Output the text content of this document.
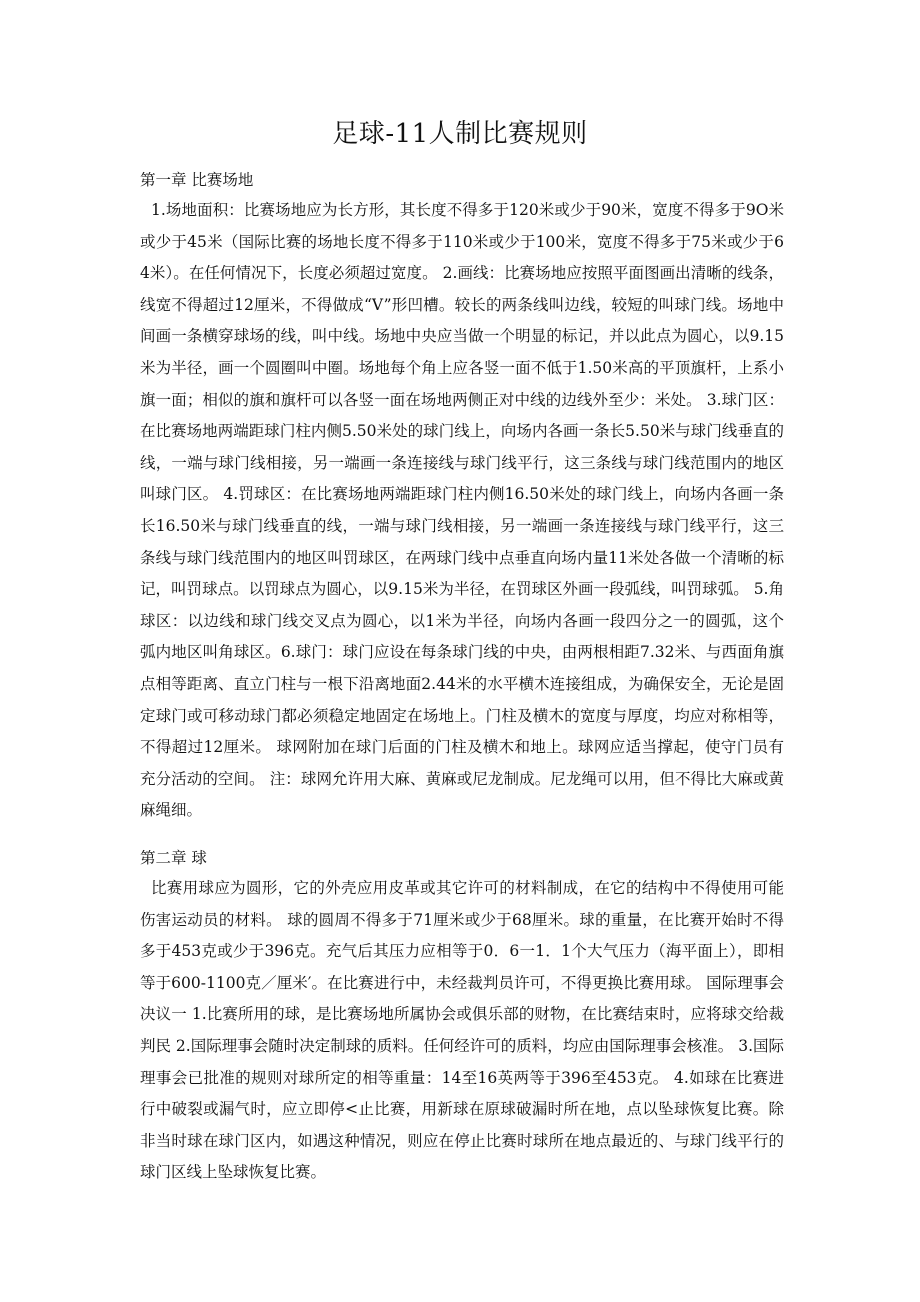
足球-11人制比赛规则
第一章 比赛场地
1.场地面积：比赛场地应为长方形，其长度不得多于120米或少于90米，宽度不得多于9O米或少于45米（国际比赛的场地长度不得多于110米或少于100米，宽度不得多于75米或少于64米）。在任何情况下，长度必须超过宽度。 2.画线：比赛场地应按照平面图画出清晰的线条，线宽不得超过12厘米，不得做成“V”形凹槽。较长的两条线叫边线，较短的叫球门线。场地中间画一条横穿球场的线，叫中线。场地中央应当做一个明显的标记，并以此点为圆心，以9.15米为半径，画一个圆圈叫中圈。场地每个角上应各竖一面不低于1.50米高的平顶旗杆，上系小旗一面；相似的旗和旗杆可以各竖一面在场地两侧正对中线的边线外至少：米处。 3.球门区：在比赛场地两端距球门柱内侧5.50米处的球门线上，向场内各画一条长5.50米与球门线垂直的线，一端与球门线相接，另一端画一条连接线与球门线平行，这三条线与球门线范围内的地区叫球门区。 4.罚球区：在比赛场地两端距球门柱内侧16.50米处的球门线上，向场内各画一条长16.50米与球门线垂直的线，一端与球门线相接，另一端画一条连接线与球门线平行，这三条线与球门线范围内的地区叫罚球区，在两球门线中点垂直向场内量11米处各做一个清晰的标记，叫罚球点。以罚球点为圆心，以9.15米为半径，在罚球区外画一段弧线，叫罚球弧。 5.角球区：以边线和球门线交叉点为圆心，以1米为半径，向场内各画一段四分之一的圆弧，这个弧内地区叫角球区。6.球门：球门应设在每条球门线的中央，由两根相距7.32米、与西面角旗点相等距离、直立门柱与一根下沿离地面2.44米的水平横木连接组成，为确保安全，无论是固定球门或可移动球门都必须稳定地固定在场地上。门柱及横木的宽度与厚度，均应对称相等，不得超过12厘米。 球网附加在球门后面的门柱及横木和地上。球网应适当撑起，使守门员有充分活动的空间。 注：球网允许用大麻、黄麻或尼龙制成。尼龙绳可以用，但不得比大麻或黄麻绳细。
第二章 球
比赛用球应为圆形，它的外壳应用皮革或其它许可的材料制成，在它的结构中不得使用可能伤害运动员的材料。 球的圆周不得多于71厘米或少于68厘米。球的重量，在比赛开始时不得多于453克或少于396克。充气后其压力应相等于0．6一1．1个大气压力（海平面上），即相等于600-1100克／厘米′。在比赛进行中，未经裁判员许可，不得更换比赛用球。 国际理事会决议一 1.比赛所用的球，是比赛场地所属协会或俱乐部的财物，在比赛结束时，应将球交给裁判民 2.国际理事会随时决定制球的质料。任何经许可的质料，均应由国际理事会核准。 3.国际理事会已批准的规则对球所定的相等重量：14至16英两等于396至453克。 4.如球在比赛进行中破裂或漏气时，应立即停<止比赛，用新球在原球破漏时所在地，点以坠球恢复比赛。除非当时球在球门区内，如遇这种情况，则应在停止比赛时球所在地点最近的、与球门线平行的球门区线上坠球恢复比赛。
